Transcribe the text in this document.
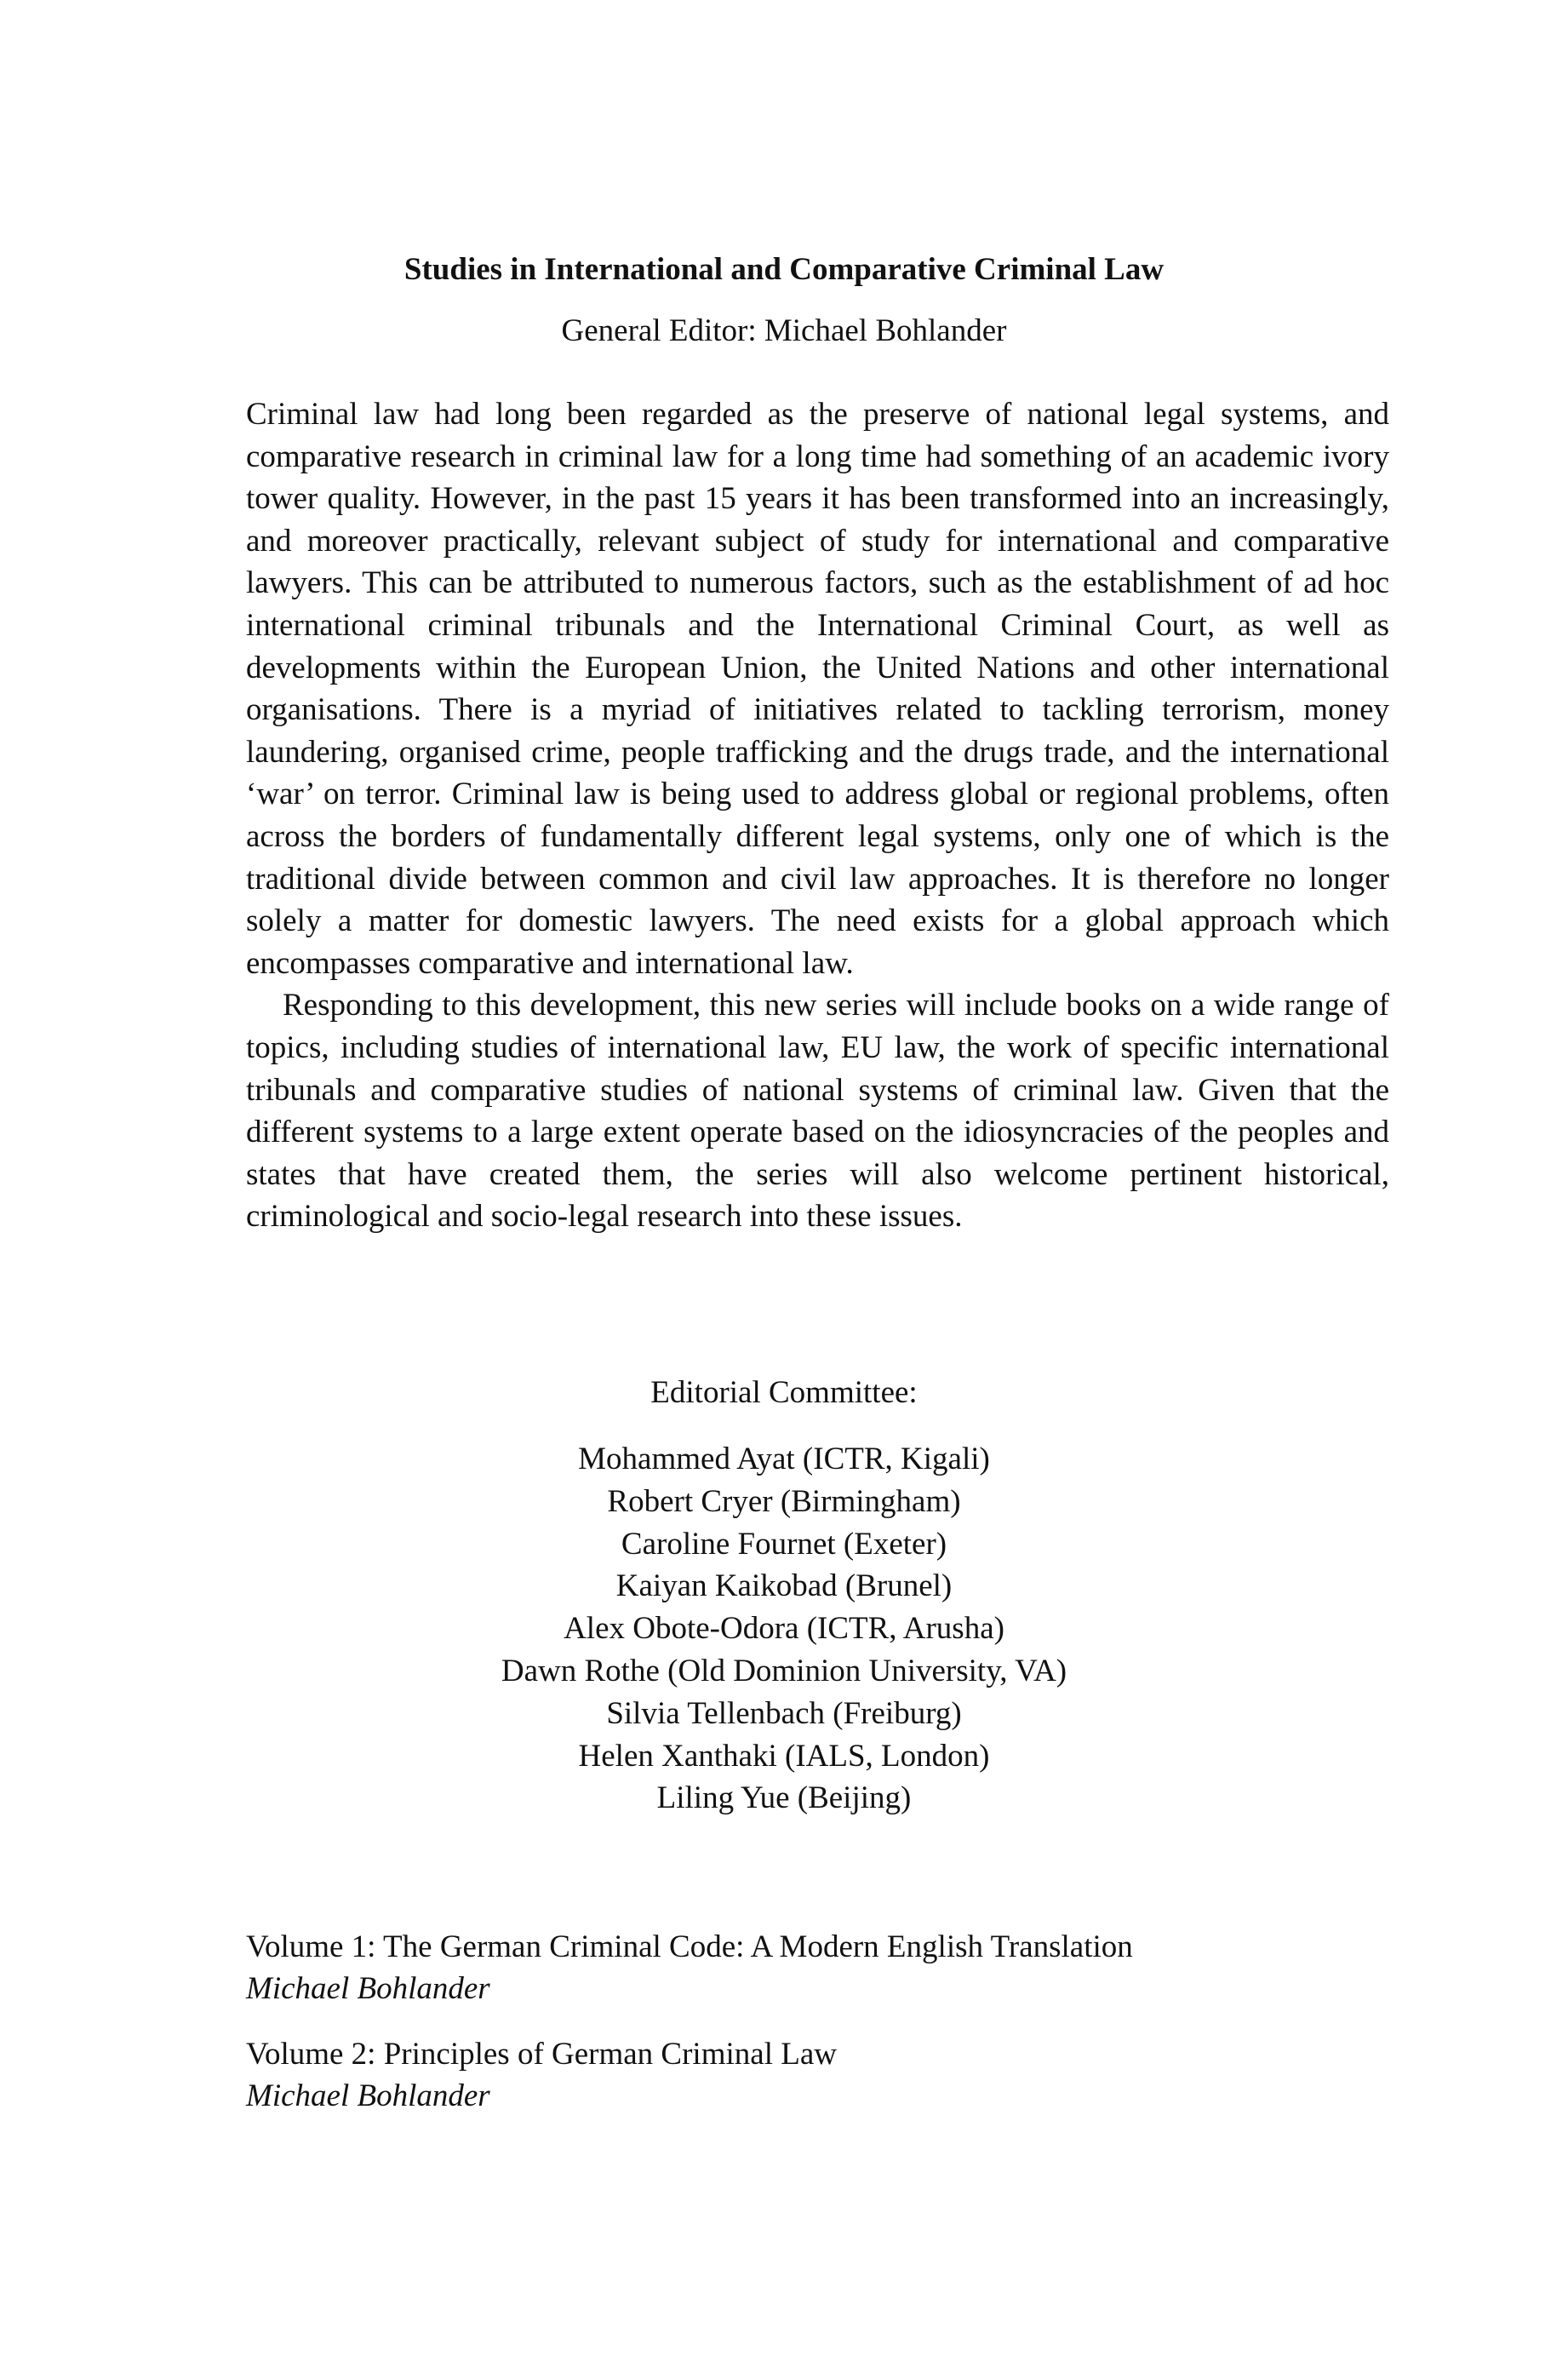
Studies in International and Comparative Criminal Law
General Editor: Michael Bohlander

Criminal law had long been regarded as the preserve of national legal systems, and comparative research in criminal law for a long time had something of an academic ivory tower quality. However, in the past 15 years it has been transformed into an increasingly, and moreover practically, relevant subject of study for international and comparative lawyers. This can be attributed to numerous factors, such as the establishment of ad hoc international criminal tribunals and the International Criminal Court, as well as developments within the European Union, the United Nations and other international organisations. There is a myriad of initiatives related to tackling terrorism, money laundering, organised crime, people trafficking and the drugs trade, and the international ‘war’ on terror. Criminal law is being used to address global or regional problems, often across the borders of fundamentally different legal systems, only one of which is the traditional divide between common and civil law approaches. It is therefore no longer solely a matter for domestic lawyers. The need exists for a global approach which encompasses comparative and international law.

Responding to this development, this new series will include books on a wide range of topics, including studies of international law, EU law, the work of specific international tribunals and comparative studies of national systems of criminal law. Given that the different systems to a large extent operate based on the idiosyncracies of the peoples and states that have created them, the series will also welcome pertinent historical, criminological and socio-legal research into these issues.

Editorial Committee:
Mohammed Ayat (ICTR, Kigali)
Robert Cryer (Birmingham)
Caroline Fournet (Exeter)
Kaiyan Kaikobad (Brunel)
Alex Obote-Odora (ICTR, Arusha)
Dawn Rothe (Old Dominion University, VA)
Silvia Tellenbach (Freiburg)
Helen Xanthaki (IALS, London)
Liling Yue (Beijing)
Volume 1: The German Criminal Code: A Modern English Translation
Michael Bohlander
Volume 2: Principles of German Criminal Law
Michael Bohlander
